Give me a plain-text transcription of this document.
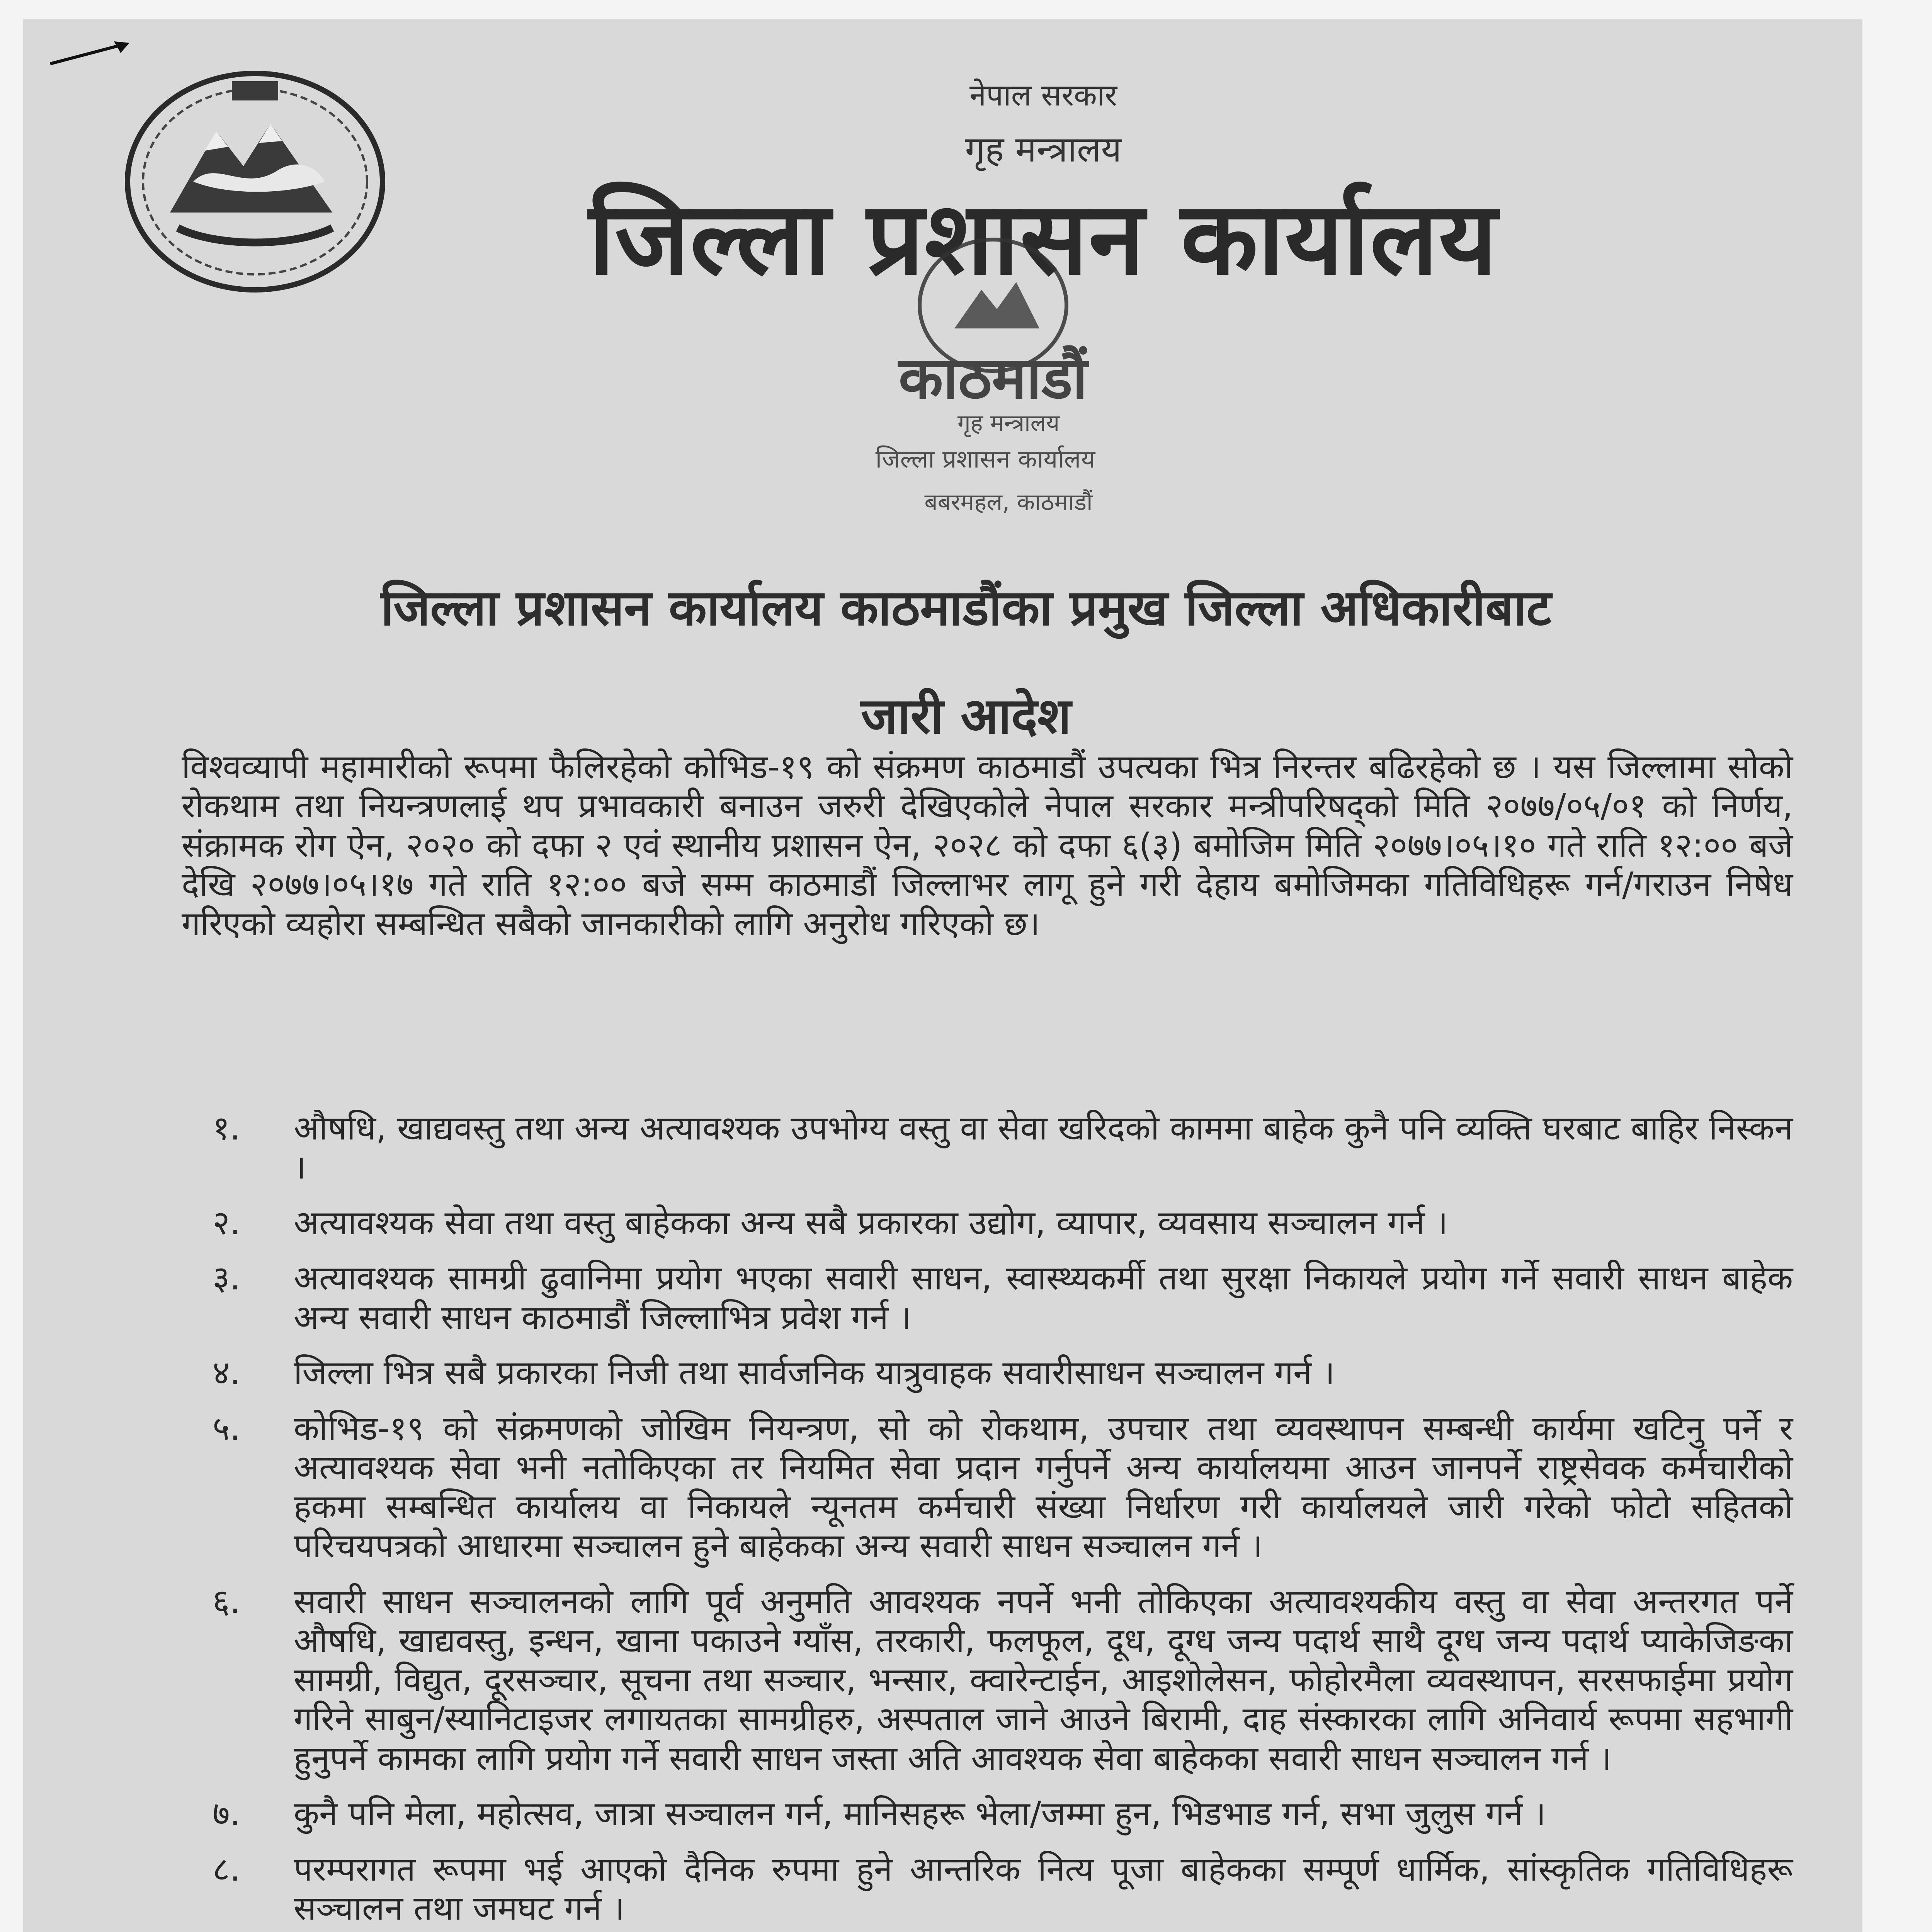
नेपाल सरकार
गृह मन्त्रालय
जिल्ला प्रशासन कार्यालय
काठमाडौं
गृह मन्त्रालय
जिल्ला प्रशासन कार्यालय
बबरमहल, काठमाडौं
जिल्ला प्रशासन कार्यालय काठमाडौंका प्रमुख जिल्ला अधिकारीबाट
जारी आदेश
विश्वव्यापी महामारीको रूपमा फैलिरहेको कोभिड-१९ को संक्रमण काठमाडौं उपत्यका भित्र निरन्तर बढिरहेको छ । यस जिल्लामा सोको रोकथाम तथा नियन्त्रणलाई थप प्रभावकारी बनाउन जरुरी देखिएकोले नेपाल सरकार मन्त्रीपरिषद्को मिति २०७७/०५/०१ को निर्णय, संक्रामक रोग ऐन, २०२० को दफा २ एवं स्थानीय प्रशासन ऐन, २०२८ को दफा ६(३) बमोजिम मिति २०७७।०५।१० गते राति १२:०० बजे देखि २०७७।०५।१७ गते राति १२:०० बजे सम्म काठमाडौं जिल्लाभर लागू हुने गरी देहाय बमोजिमका गतिविधिहरू गर्न/गराउन निषेध गरिएको व्यहोरा सम्बन्धित सबैको जानकारीको लागि अनुरोध गरिएको छ।
१.	औषधि, खाद्यवस्तु तथा अन्य अत्यावश्यक उपभोग्य वस्तु वा सेवा खरिदको काममा बाहेक कुनै पनि व्यक्ति घरबाट बाहिर निस्कन ।
२.	अत्यावश्यक सेवा तथा वस्तु बाहेकका अन्य सबै प्रकारका उद्योग, व्यापार, व्यवसाय सञ्चालन गर्न ।
३.	अत्यावश्यक सामग्री ढुवानिमा प्रयोग भएका सवारी साधन, स्वास्थ्यकर्मी तथा सुरक्षा निकायले प्रयोग गर्ने सवारी साधन बाहेक अन्य सवारी साधन काठमाडौं जिल्लाभित्र प्रवेश गर्न ।
४.	जिल्ला भित्र सबै प्रकारका निजी तथा सार्वजनिक यात्रुवाहक सवारीसाधन सञ्चालन गर्न ।
५.	कोभिड-१९ को संक्रमणको जोखिम नियन्त्रण, सो को रोकथाम, उपचार तथा व्यवस्थापन सम्बन्धी कार्यमा खटिनु पर्ने र अत्यावश्यक सेवा भनी नतोकिएका तर नियमित सेवा प्रदान गर्नुपर्ने अन्य कार्यालयमा आउन जानपर्ने राष्ट्रसेवक कर्मचारीको हकमा सम्बन्धित कार्यालय वा निकायले न्यूनतम कर्मचारी संख्या निर्धारण गरी कार्यालयले जारी गरेको फोटो सहितको परिचयपत्रको आधारमा सञ्चालन हुने बाहेकका अन्य सवारी साधन सञ्चालन गर्न ।
६.	सवारी साधन सञ्चालनको लागि पूर्व अनुमति आवश्यक नपर्ने भनी तोकिएका अत्यावश्यकीय वस्तु वा सेवा अन्तरगत पर्ने औषधि, खाद्यवस्तु, इन्धन, खाना पकाउने ग्याँस, तरकारी, फलफूल, दूध, दूग्ध जन्य पदार्थ साथै दूग्ध जन्य पदार्थ प्याकेजिङका सामग्री, विद्युत, दूरसञ्चार, सूचना तथा सञ्चार, भन्सार, क्वारेन्टाईन, आइशोलेसन, फोहोरमैला व्यवस्थापन, सरसफाईमा प्रयोग गरिने साबुन/स्यानिटाइजर लगायतका सामग्रीहरु, अस्पताल जाने आउने बिरामी, दाह संस्कारका लागि अनिवार्य रूपमा सहभागी हुनुपर्ने कामका लागि प्रयोग गर्ने सवारी साधन जस्ता अति आवश्यक सेवा बाहेकका सवारी साधन सञ्चालन गर्न ।
७.	कुनै पनि मेला, महोत्सव, जात्रा सञ्चालन गर्न, मानिसहरू भेला/जम्मा हुन, भिडभाड गर्न, सभा जुलुस गर्न ।
८.	परम्परागत रूपमा भई आएको दैनिक रुपमा हुने आन्तरिक नित्य पूजा बाहेकका सम्पूर्ण धार्मिक, सांस्कृतिक गतिविधिहरू सञ्चालन तथा जमघट गर्न ।
